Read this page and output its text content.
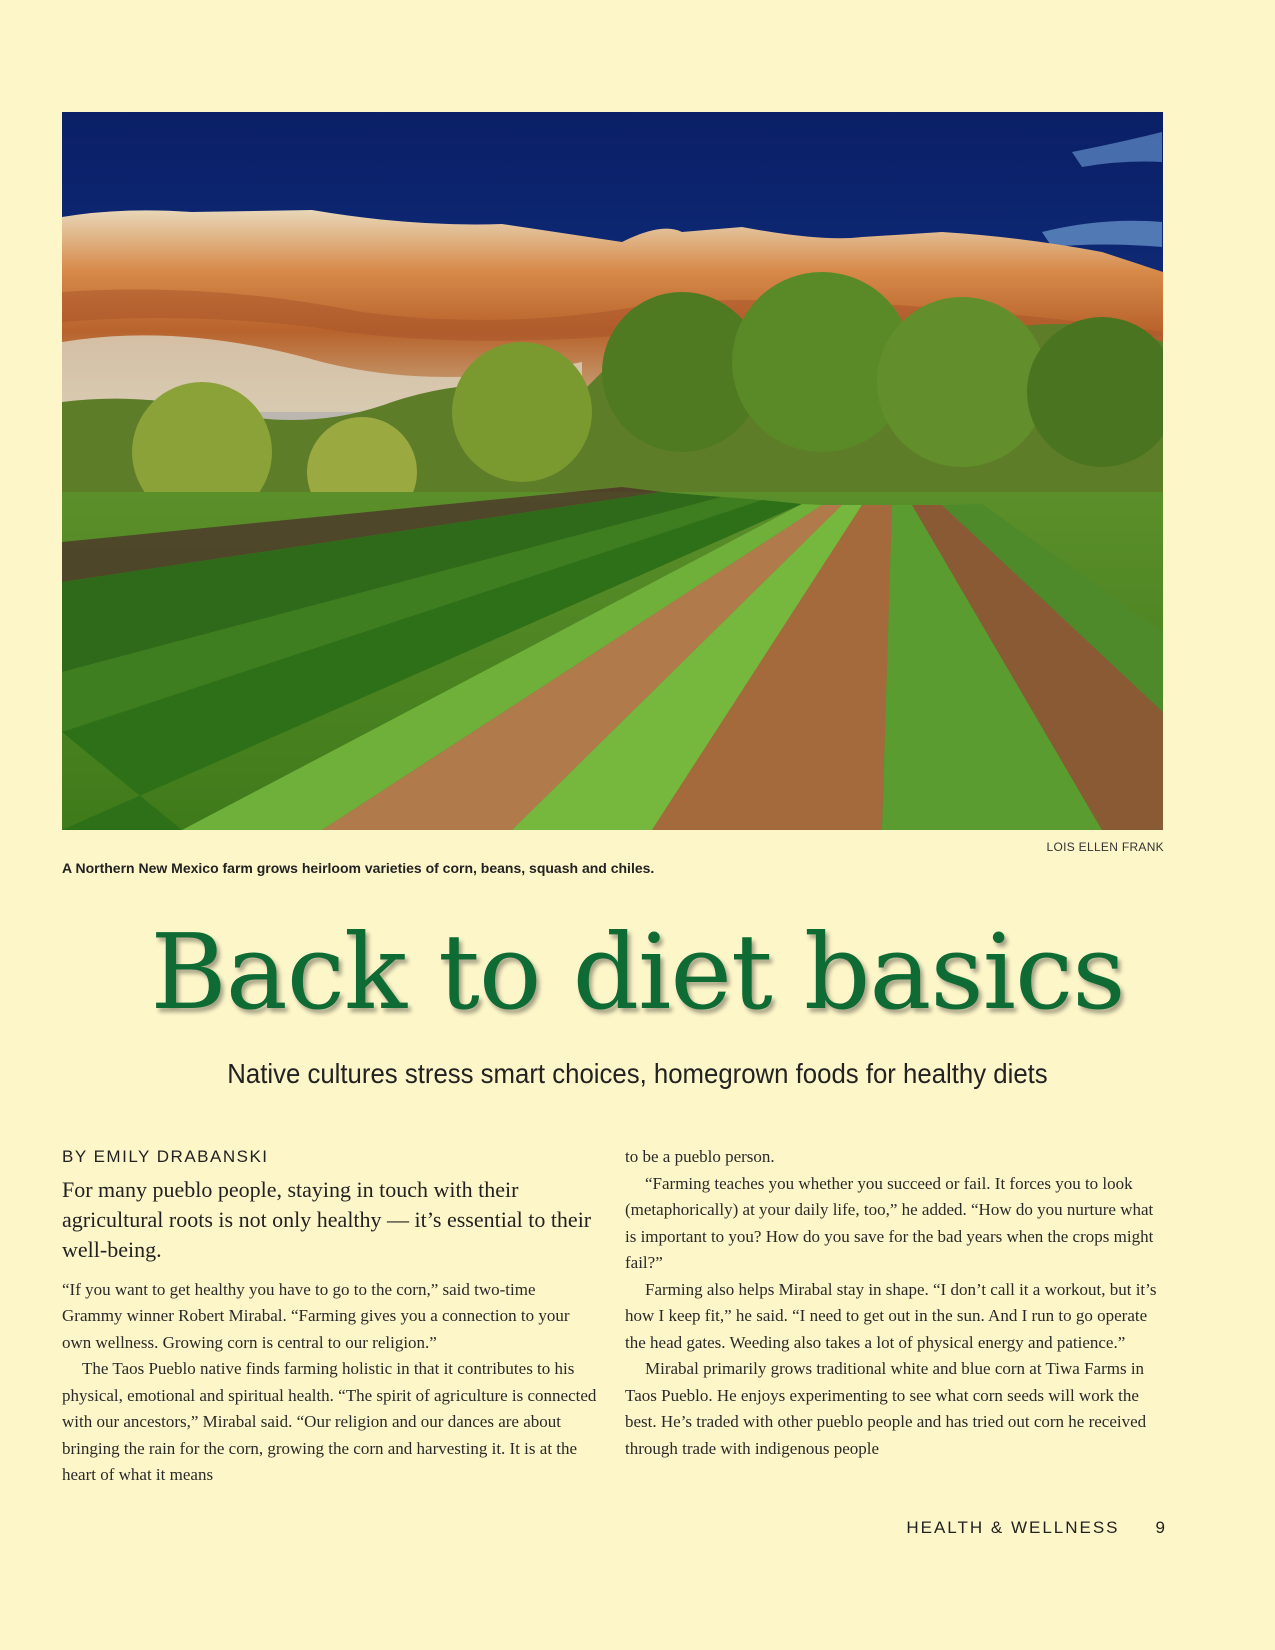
LOIS ELLEN FRANK
A Northern New Mexico farm grows heirloom varieties of corn, beans, squash and chiles.
Back to diet basics
Native cultures stress smart choices, homegrown foods for healthy diets
BY EMILY DRABANSKI
For many pueblo people, staying in touch with their agricultural roots is not only healthy — it’s essential to their well-being.

“If you want to get healthy you have to go to the corn,” said two-time Grammy winner Robert Mirabal. “Farming gives you a connection to your own wellness. Growing corn is central to our religion.”

The Taos Pueblo native finds farming holistic in that it contributes to his physical, emotional and spiritual health. “The spirit of agriculture is connected with our ancestors,” Mirabal said. “Our religion and our dances are about bringing the rain for the corn, growing the corn and harvesting it. It is at the heart of what it means

to be a pueblo person.

“Farming teaches you whether you succeed or fail. It forces you to look (metaphorically) at your daily life, too,” he added. “How do you nurture what is important to you? How do you save for the bad years when the crops might fail?”

Farming also helps Mirabal stay in shape. “I don’t call it a workout, but it’s how I keep fit,” he said. “I need to get out in the sun. And I run to go operate the head gates. Weeding also takes a lot of physical energy and patience.”

Mirabal primarily grows traditional white and blue corn at Tiwa Farms in Taos Pueblo. He enjoys experimenting to see what corn seeds will work the best. He’s traded with other pueblo people and has tried out corn he received through trade with indigenous people

HEALTH & WELLNESS 9
